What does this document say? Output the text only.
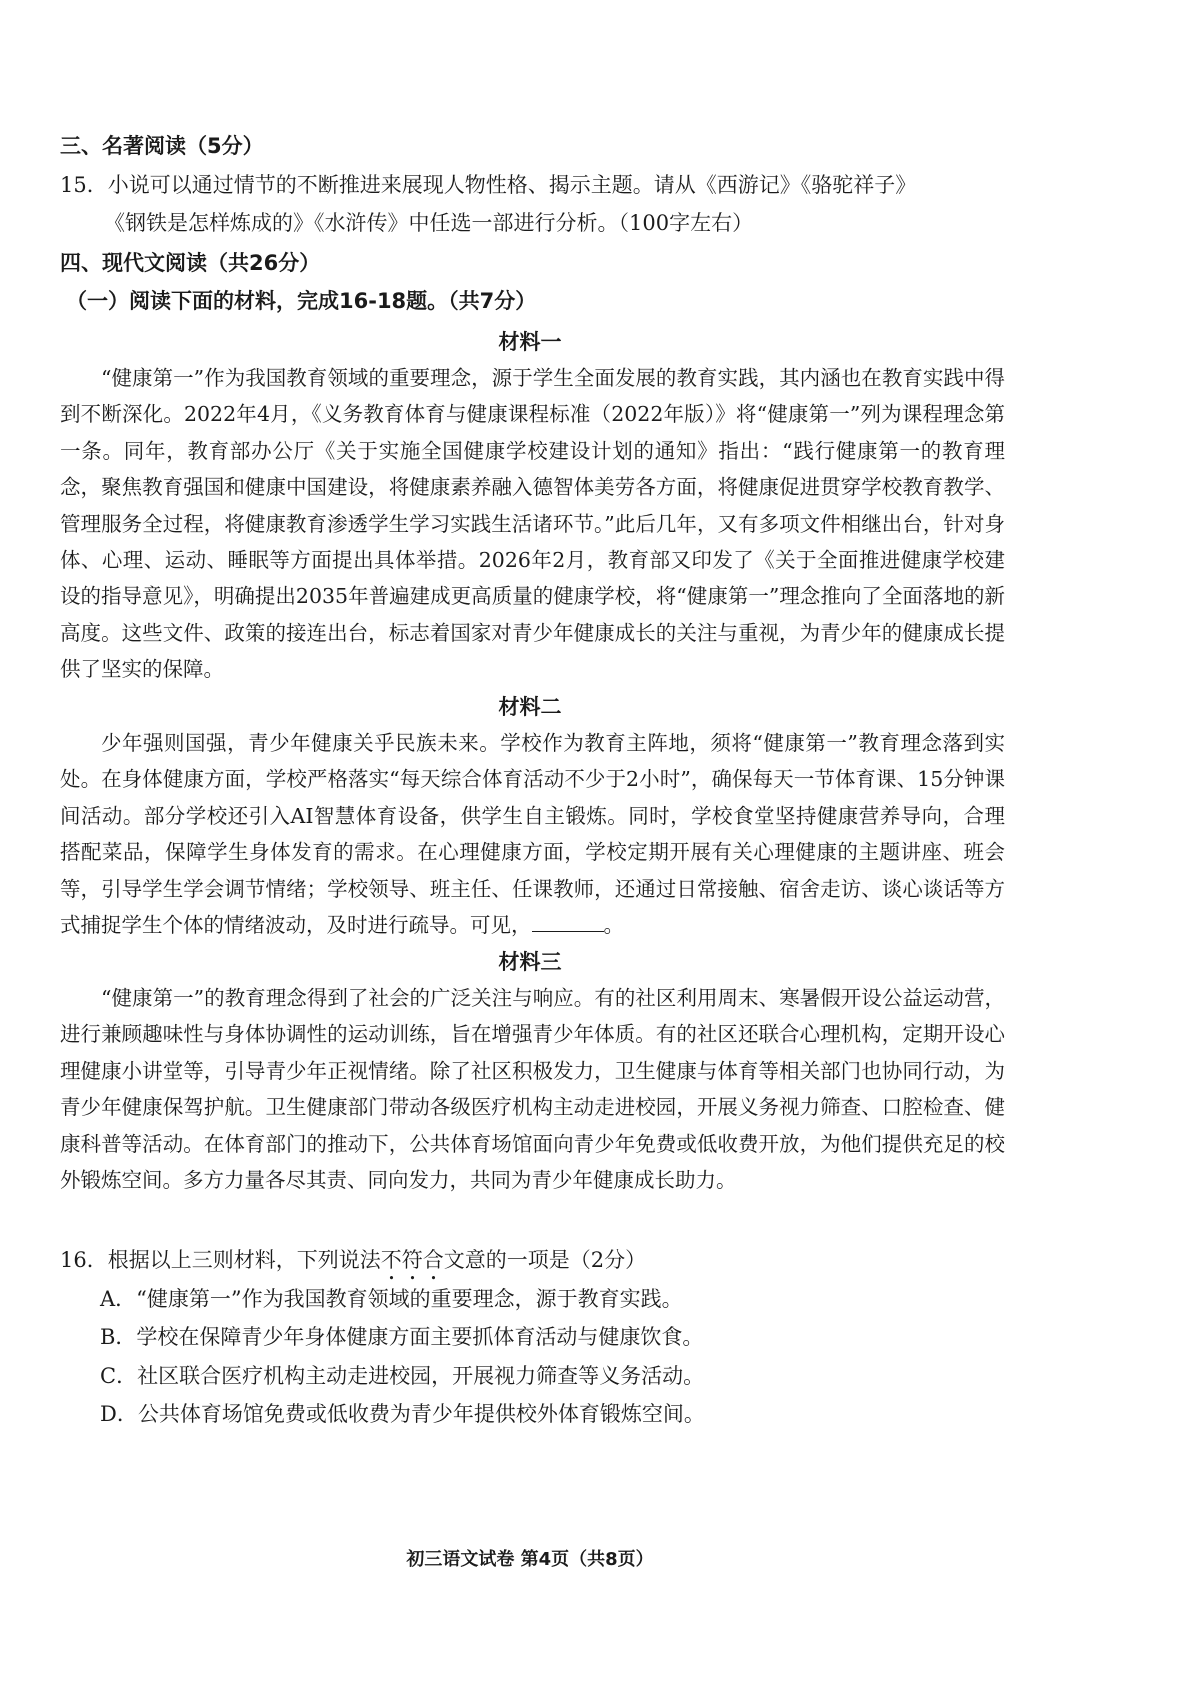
三、名著阅读（5分）
15．小说可以通过情节的不断推进来展现人物性格、揭示主题。请从《西游记》《骆驼祥子》
《钢铁是怎样炼成的》《水浒传》中任选一部进行分析。（100字左右）
四、现代文阅读（共26分）
（一）阅读下面的材料，完成16-18题。（共7分）
材料一
“健康第一”作为我国教育领域的重要理念，源于学生全面发展的教育实践，其内涵也在教育实践中得到不断深化。2022年4月，《义务教育体育与健康课程标准（2022年版）》将“健康第一”列为课程理念第一条。同年，教育部办公厅《关于实施全国健康学校建设计划的通知》指出：“践行健康第一的教育理念，聚焦教育强国和健康中国建设，将健康素养融入德智体美劳各方面，将健康促进贯穿学校教育教学、管理服务全过程，将健康教育渗透学生学习实践生活诸环节。”此后几年，又有多项文件相继出台，针对身体、心理、运动、睡眠等方面提出具体举措。2026年2月，教育部又印发了《关于全面推进健康学校建设的指导意见》，明确提出2035年普遍建成更高质量的健康学校，将“健康第一”理念推向了全面落地的新高度。这些文件、政策的接连出台，标志着国家对青少年健康成长的关注与重视，为青少年的健康成长提供了坚实的保障。
材料二
少年强则国强，青少年健康关乎民族未来。学校作为教育主阵地，须将“健康第一”教育理念落到实处。在身体健康方面，学校严格落实“每天综合体育活动不少于2小时”，确保每天一节体育课、15分钟课间活动。部分学校还引入AI智慧体育设备，供学生自主锻炼。同时，学校食堂坚持健康营养导向，合理搭配菜品，保障学生身体发育的需求。在心理健康方面，学校定期开展有关心理健康的主题讲座、班会等，引导学生学会调节情绪；学校领导、班主任、任课教师，还通过日常接触、宿舍走访、谈心谈话等方式捕捉学生个体的情绪波动，及时进行疏导。可见，	。
材料三
“健康第一”的教育理念得到了社会的广泛关注与响应。有的社区利用周末、寒暑假开设公益运动营，进行兼顾趣味性与身体协调性的运动训练，旨在增强青少年体质。有的社区还联合心理机构，定期开设心理健康小讲堂等，引导青少年正视情绪。除了社区积极发力，卫生健康与体育等相关部门也协同行动，为青少年健康保驾护航。卫生健康部门带动各级医疗机构主动走进校园，开展义务视力筛查、口腔检查、健康科普等活动。在体育部门的推动下，公共体育场馆面向青少年免费或低收费开放，为他们提供充足的校外锻炼空间。多方力量各尽其责、同向发力，共同为青少年健康成长助力。
16．根据以上三则材料，下列说法不符合文意的一项是（2分）
A．“健康第一”作为我国教育领域的重要理念，源于教育实践。
B．学校在保障青少年身体健康方面主要抓体育活动与健康饮食。
C．社区联合医疗机构主动走进校园，开展视力筛查等义务活动。
D．公共体育场馆免费或低收费为青少年提供校外体育锻炼空间。
初三语文试卷 第4页（共8页）
